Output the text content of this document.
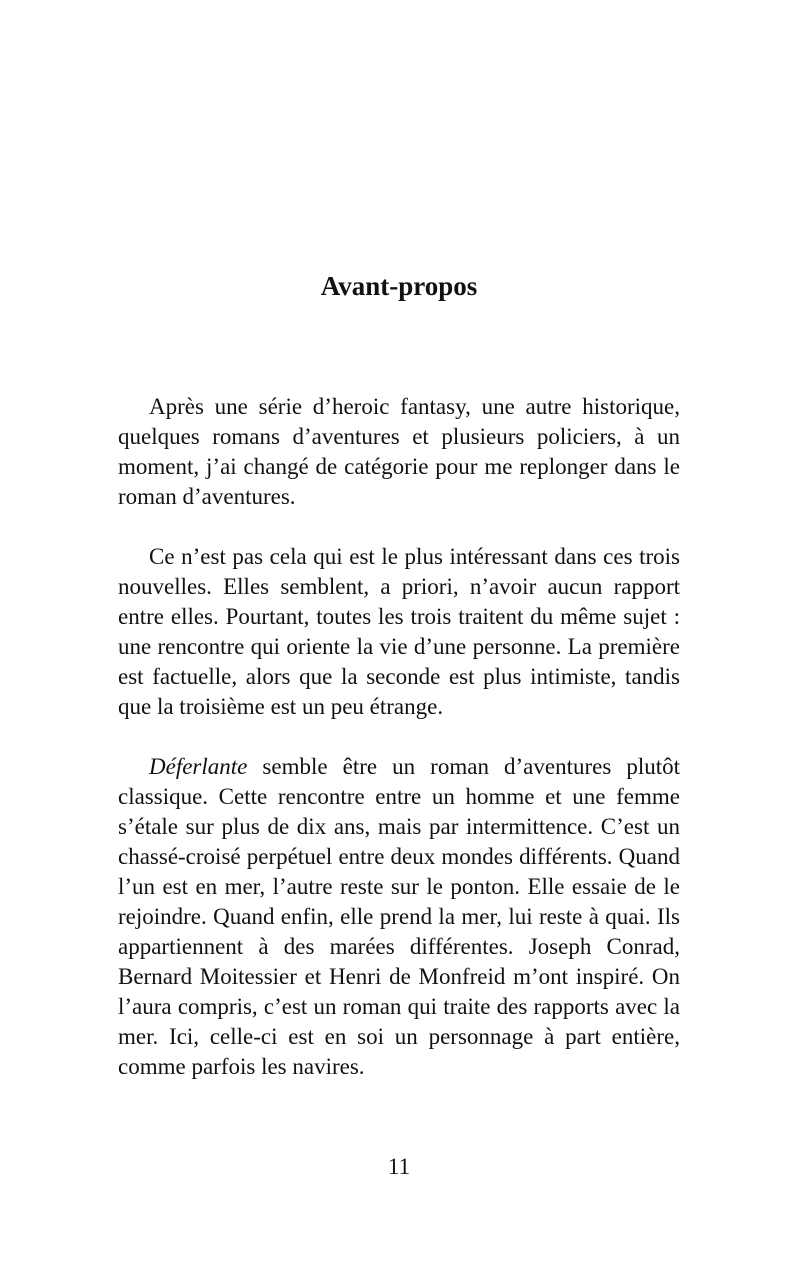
Avant-propos

Après une série d’heroic fantasy, une autre historique, quelques romans d’aventures et plusieurs policiers, à un moment, j’ai changé de catégorie pour me replonger dans le roman d’aventures.

Ce n’est pas cela qui est le plus intéressant dans ces trois nouvelles. Elles semblent, a priori, n’avoir aucun rapport entre elles. Pourtant, toutes les trois traitent du même sujet : une rencontre qui oriente la vie d’une personne. La première est factuelle, alors que la seconde est plus intimiste, tandis que la troisième est un peu étrange.

Déferlante semble être un roman d’aventures plutôt classique. Cette rencontre entre un homme et une femme s’étale sur plus de dix ans, mais par intermittence. C’est un chassé-croisé perpétuel entre deux mondes différents. Quand l’un est en mer, l’autre reste sur le ponton. Elle essaie de le rejoindre. Quand enfin, elle prend la mer, lui reste à quai. Ils appartiennent à des marées différentes. Joseph Conrad, Bernard Moitessier et Henri de Monfreid m’ont inspiré. On l’aura compris, c’est un roman qui traite des rapports avec la mer. Ici, celle-ci est en soi un personnage à part entière, comme parfois les navires.

11
